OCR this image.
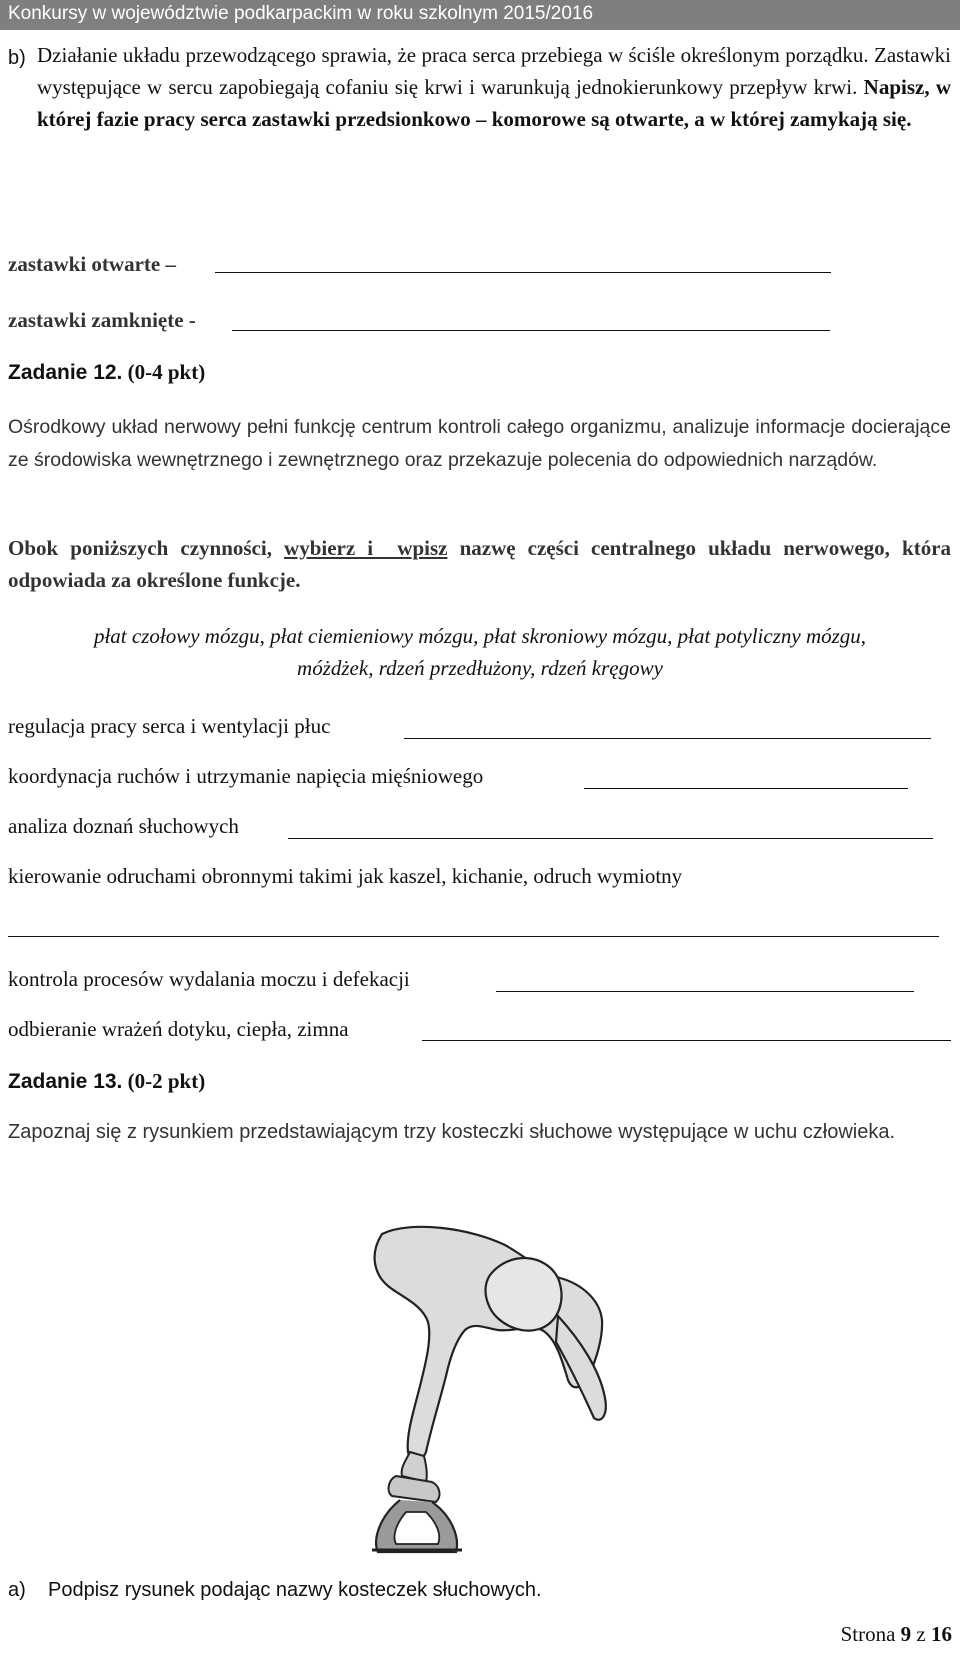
Konkursy w województwie podkarpackim w roku szkolnym 2015/2016
b) Działanie układu przewodzącego sprawia, że praca serca przebiega w ściśle określonym porządku. Zastawki występujące w sercu zapobiegają cofaniu się krwi i warunkują jednokierunkowy przepływ krwi. Napisz, w której fazie pracy serca zastawki przedsionkowo – komorowe są otwarte, a w której zamykają się.
zastawki otwarte –
zastawki zamknięte -
Zadanie 12. (0-4 pkt)
Ośrodkowy układ nerwowy pełni funkcję centrum kontroli całego organizmu, analizuje informacje docierające ze środowiska wewnętrznego i zewnętrznego oraz przekazuje polecenia do odpowiednich narządów.
Obok poniższych czynności, wybierz i  wpisz nazwę części centralnego układu nerwowego, która odpowiada za określone funkcje.
płat czołowy mózgu, płat ciemieniowy mózgu, płat skroniowy mózgu, płat potyliczny mózgu,
móżdżek, rdzeń przedłużony, rdzeń kręgowy
regulacja pracy serca i wentylacji płuc
koordynacja ruchów i utrzymanie napięcia mięśniowego
analiza doznań słuchowych
kierowanie odruchami obronnymi takimi jak kaszel, kichanie, odruch wymiotny
kontrola procesów wydalania moczu i defekacji
odbieranie wrażeń dotyku, ciepła, zimna
Zadanie 13. (0-2 pkt)
Zapoznaj się z rysunkiem przedstawiającym trzy kosteczki słuchowe występujące w uchu człowieka.
a) Podpisz rysunek podając nazwy kosteczek słuchowych.
Strona 9 z 16
